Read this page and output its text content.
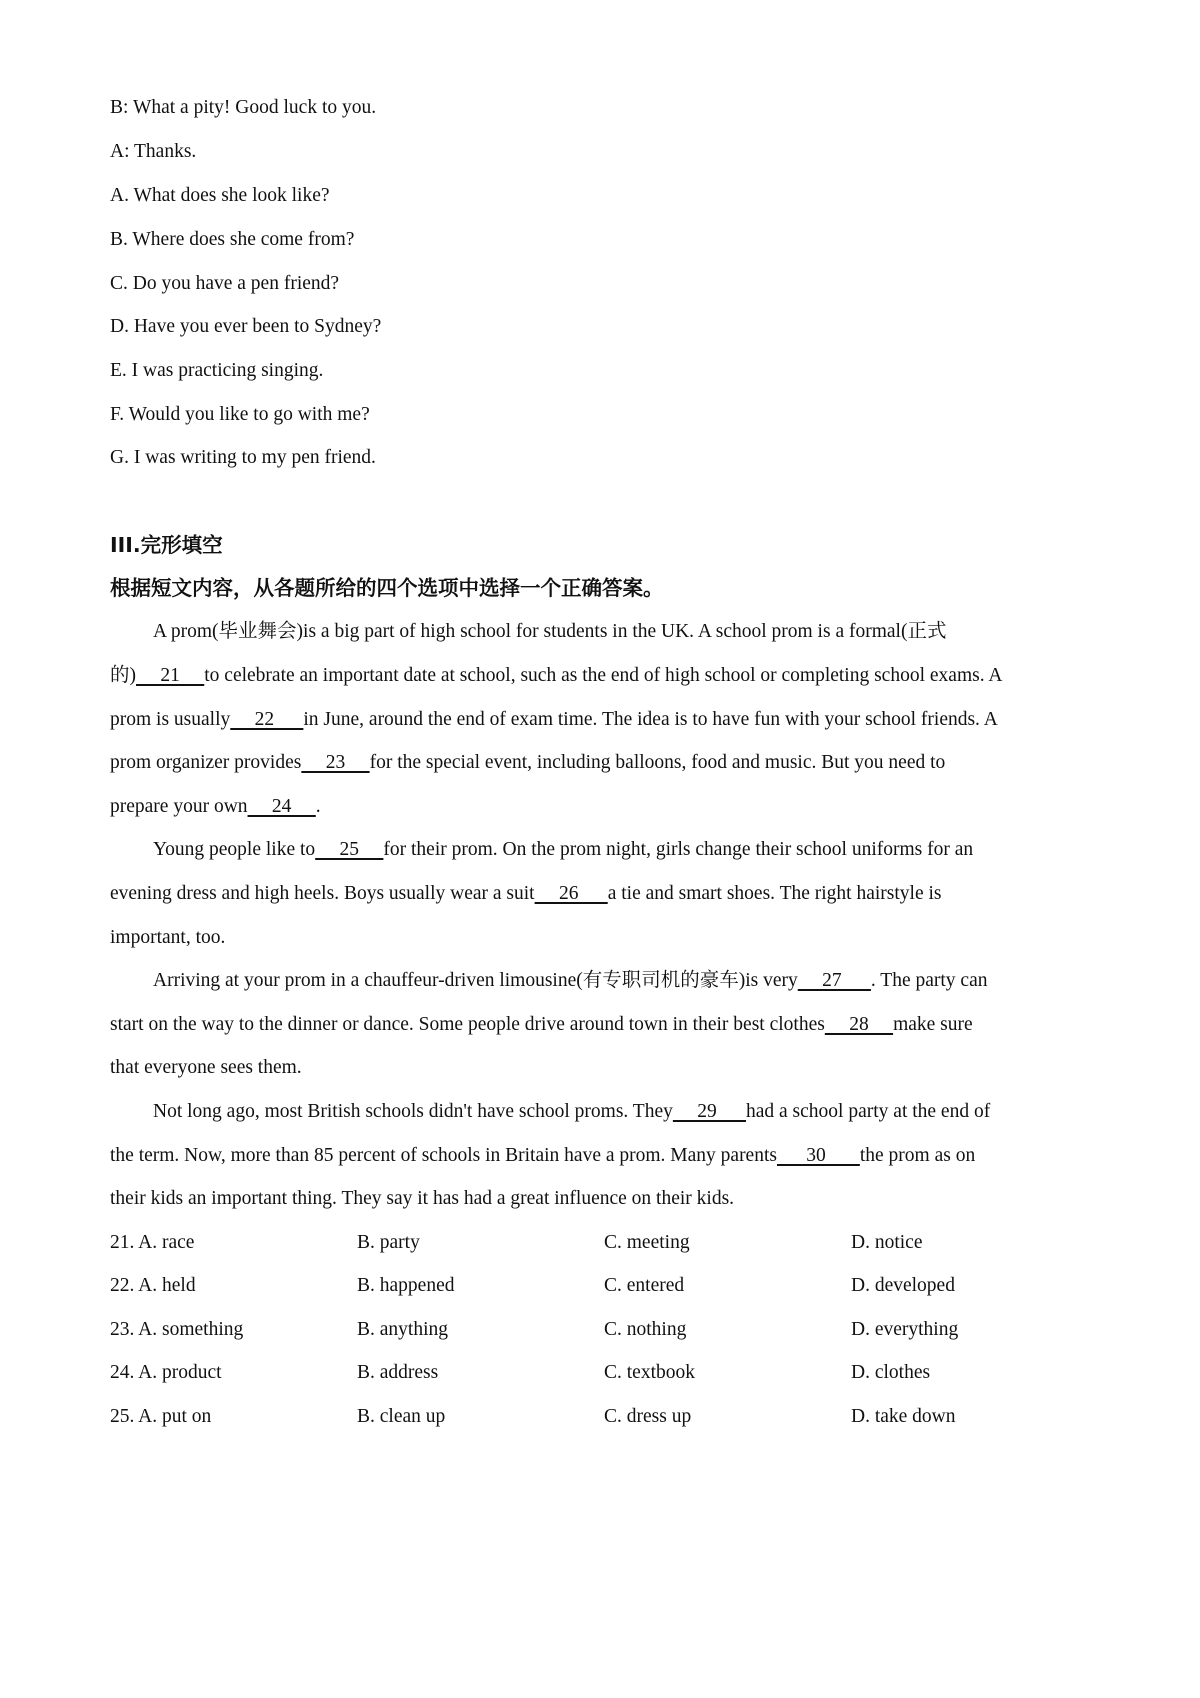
B: What a pity! Good luck to you.
A: Thanks.
A. What does she look like?
B. Where does she come from?
C. Do you have a pen friend?
D. Have you ever been to Sydney?
E. I was practicing singing.
F. Would you like to go with me?
G. I was writing to my pen friend.
III.完形填空
根据短文内容，从各题所给的四个选项中选择一个正确答案。
A prom(毕业舞会)is a big part of high school for students in the UK. A school prom is a formal(正式
的)     21     to celebrate an important date at school, such as the end of high school or completing school exams. A
prom is usually     22      in June, around the end of exam time. The idea is to have fun with your school friends. A
prom organizer provides     23     for the special event, including balloons, food and music. But you need to
prepare your own     24     .
Young people like to     25     for their prom. On the prom night, girls change their school uniforms for an
evening dress and high heels. Boys usually wear a suit     26      a tie and smart shoes. The right hairstyle is
important, too.
Arriving at your prom in a chauffeur-driven limousine(有专职司机的豪车)is very     27      . The party can
start on the way to the dinner or dance. Some people drive around town in their best clothes     28     make sure
that everyone sees them.
Not long ago, most British schools didn't have school proms. They     29      had a school party at the end of
the term. Now, more than 85 percent of schools in Britain have a prom. Many parents      30       the prom as on
their kids an important thing. They say it has had a great influence on their kids.
21. A. race	B. party	C. meeting	D. notice
22. A. held	B. happened	C. entered	D. developed
23. A. something	B. anything	C. nothing	D. everything
24. A. product	B. address	C. textbook	D. clothes
25. A. put on	B. clean up	C. dress up	D. take down
